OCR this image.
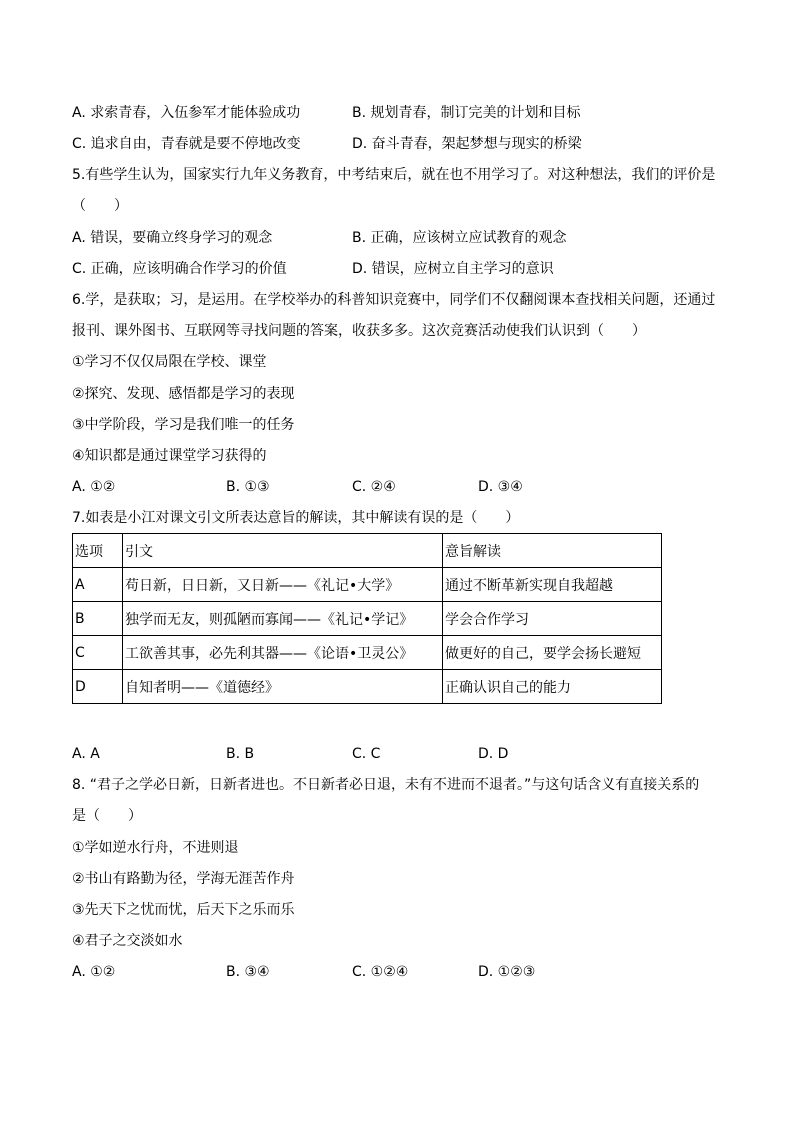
A. 求索青春，入伍参军才能体验成功	B. 规划青春，制订完美的计划和目标
C. 追求自由，青春就是要不停地改变	D. 奋斗青春，架起梦想与现实的桥梁
5.有些学生认为，国家实行九年义务教育，中考结束后，就在也不用学习了。对这种想法，我们的评价是
（　　）
A. 错误，要确立终身学习的观念	B. 正确，应该树立应试教育的观念
C. 正确，应该明确合作学习的价值	D. 错误，应树立自主学习的意识
6.学，是获取；习，是运用。在学校举办的科普知识竞赛中，同学们不仅翻阅课本查找相关问题，还通过
报刊、课外图书、互联网等寻找问题的答案，收获多多。这次竞赛活动使我们认识到（　　）
①学习不仅仅局限在学校、课堂
②探究、发现、感悟都是学习的表现
③中学阶段，学习是我们唯一的任务
④知识都是通过课堂学习获得的
A. ①②	B. ①③	C. ②④	D. ③④
7.如表是小江对课文引文所表达意旨的解读，其中解读有误的是（　　）
选项	引文	意旨解读
A	苟日新，日日新，又日新——《礼记•大学》	通过不断革新实现自我超越
B	独学而无友，则孤陋而寡闻——《礼记•学记》	学会合作学习
C	工欲善其事，必先利其器——《论语•卫灵公》	做更好的自己，要学会扬长避短
D	自知者明——《道德经》	正确认识自己的能力
A. A	B. B	C. C	D. D
8. “君子之学必日新，日新者进也。不日新者必日退，未有不进而不退者。”与这句话含义有直接关系的
是（　　）
①学如逆水行舟，不进则退
②书山有路勤为径，学海无涯苦作舟
③先天下之忧而忧，后天下之乐而乐
④君子之交淡如水
A. ①②	B. ③④	C. ①②④	D. ①②③
